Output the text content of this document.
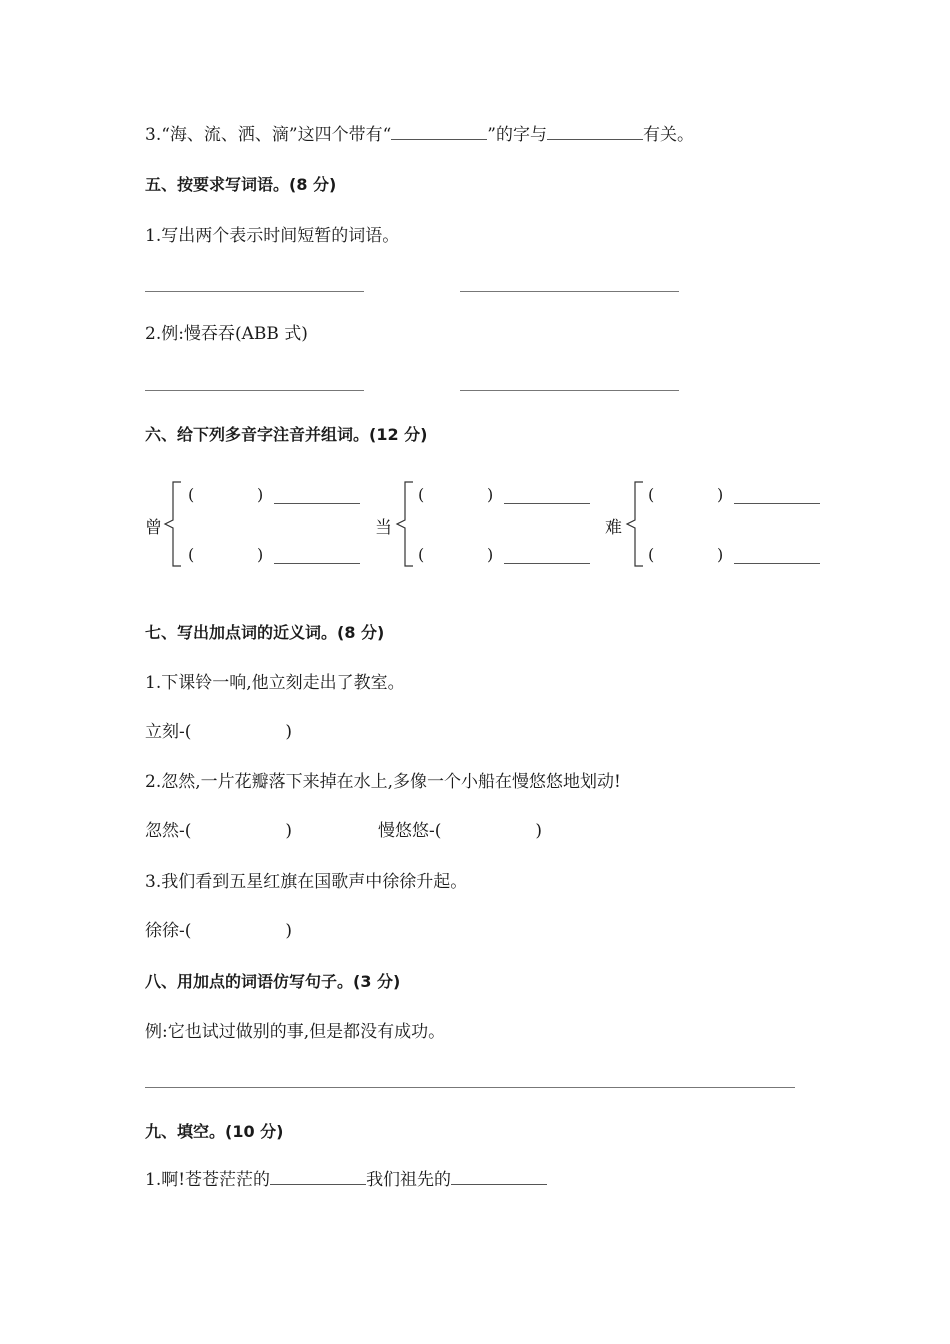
3.“海、流、洒、滴”这四个带有“	”的字与	有关。
五、按要求写词语。(8 分)
1.写出两个表示时间短暂的词语。
2.例:慢吞吞(ABB 式)
六、给下列多音字注音并组词。(12 分)
曾
(	)
(	)
当
(	)
(	)
难
(	)
(	)
七、写出加点词的近义词。(8 分)
1.下课铃一响,他立刻走出了教室。
立刻-(	)
2.忽然,一片花瓣落下来掉在水上,多像一个小船在慢悠悠地划动!
忽然-(	)	慢悠悠-(	)
3.我们看到五星红旗在国歌声中徐徐升起。
徐徐-(	)
八、用加点的词语仿写句子。(3 分)
例:它也试过做别的事,但是都没有成功。
九、填空。(10 分)
1.啊!苍苍茫茫的	我们祖先的
